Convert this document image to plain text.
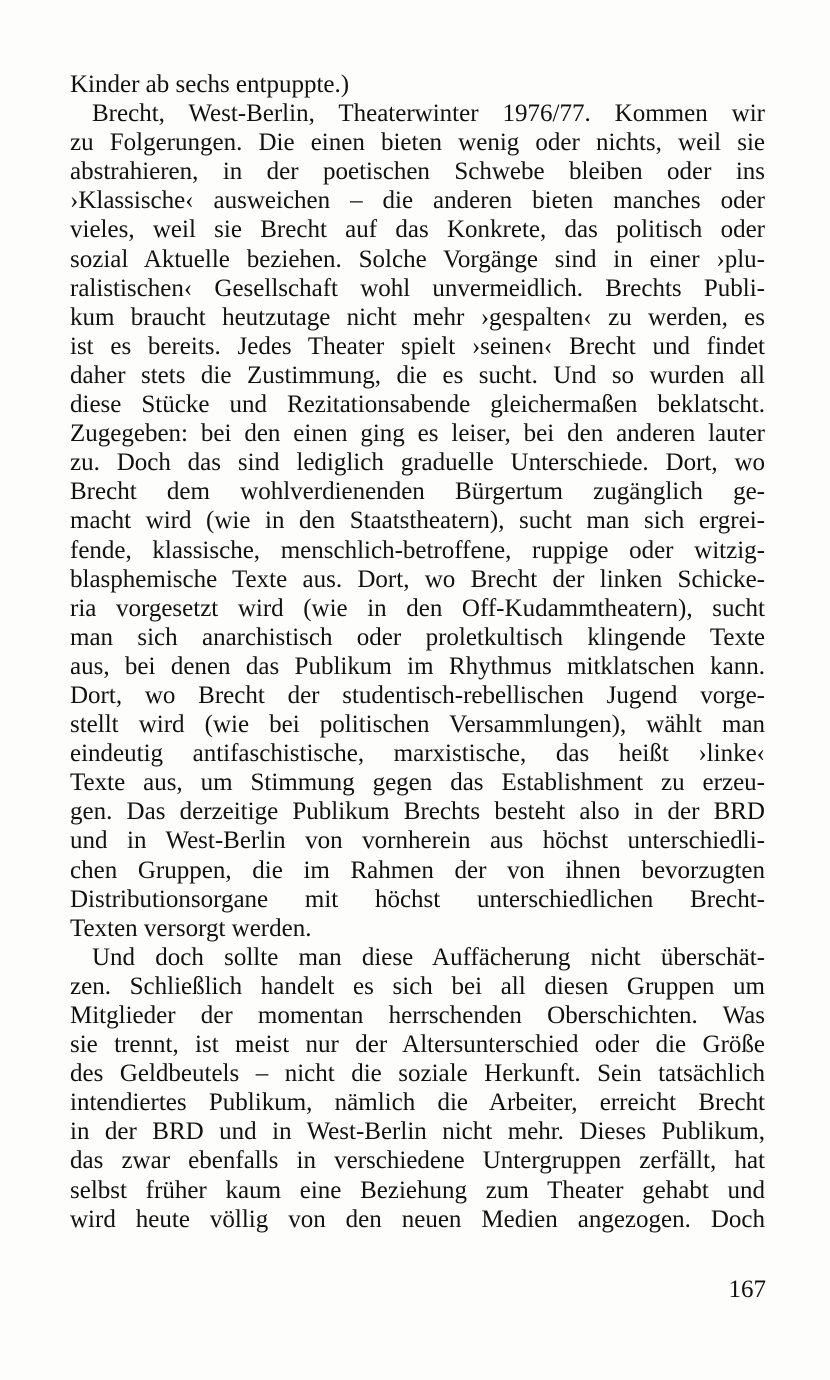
Kinder ab sechs entpuppte.)
Brecht, West-Berlin, Theaterwinter 1976/77. Kommen wir
zu Folgerungen. Die einen bieten wenig oder nichts, weil sie
abstrahieren, in der poetischen Schwebe bleiben oder ins
›Klassische‹ ausweichen – die anderen bieten manches oder
vieles, weil sie Brecht auf das Konkrete, das politisch oder
sozial Aktuelle beziehen. Solche Vorgänge sind in einer ›plu-
ralistischen‹ Gesellschaft wohl unvermeidlich. Brechts Publi-
kum braucht heutzutage nicht mehr ›gespalten‹ zu werden, es
ist es bereits. Jedes Theater spielt ›seinen‹ Brecht und findet
daher stets die Zustimmung, die es sucht. Und so wurden all
diese Stücke und Rezitationsabende gleichermaßen beklatscht.
Zugegeben: bei den einen ging es leiser, bei den anderen lauter
zu. Doch das sind lediglich graduelle Unterschiede. Dort, wo
Brecht dem wohlverdienenden Bürgertum zugänglich ge-
macht wird (wie in den Staatstheatern), sucht man sich ergrei-
fende, klassische, menschlich-betroffene, ruppige oder witzig-
blasphemische Texte aus. Dort, wo Brecht der linken Schicke-
ria vorgesetzt wird (wie in den Off-Kudammtheatern), sucht
man sich anarchistisch oder proletkultisch klingende Texte
aus, bei denen das Publikum im Rhythmus mitklatschen kann.
Dort, wo Brecht der studentisch-rebellischen Jugend vorge-
stellt wird (wie bei politischen Versammlungen), wählt man
eindeutig antifaschistische, marxistische, das heißt ›linke‹
Texte aus, um Stimmung gegen das Establishment zu erzeu-
gen. Das derzeitige Publikum Brechts besteht also in der BRD
und in West-Berlin von vornherein aus höchst unterschiedli-
chen Gruppen, die im Rahmen der von ihnen bevorzugten
Distributionsorgane mit höchst unterschiedlichen Brecht-
Texten versorgt werden.
Und doch sollte man diese Auffächerung nicht überschät-
zen. Schließlich handelt es sich bei all diesen Gruppen um
Mitglieder der momentan herrschenden Oberschichten. Was
sie trennt, ist meist nur der Altersunterschied oder die Größe
des Geldbeutels – nicht die soziale Herkunft. Sein tatsächlich
intendiertes Publikum, nämlich die Arbeiter, erreicht Brecht
in der BRD und in West-Berlin nicht mehr. Dieses Publikum,
das zwar ebenfalls in verschiedene Untergruppen zerfällt, hat
selbst früher kaum eine Beziehung zum Theater gehabt und
wird heute völlig von den neuen Medien angezogen. Doch
167
